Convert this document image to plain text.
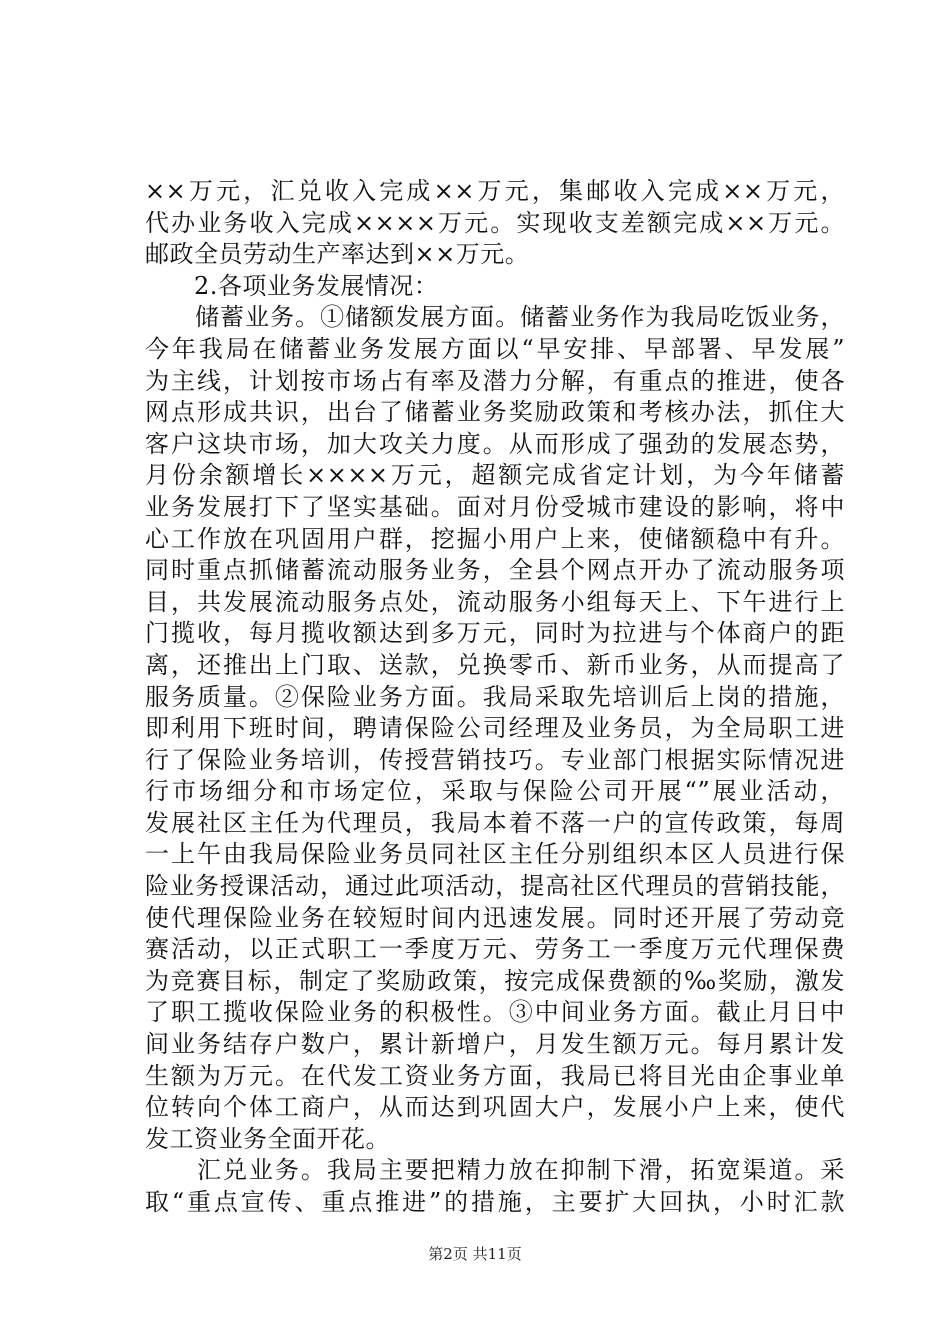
××万元，汇兑收入完成××万元，集邮收入完成××万元，
代办业务收入完成××××万元。实现收支差额完成××万元。
邮政全员劳动生产率达到××万元。
　　2.各项业务发展情况：
　　储蓄业务。①储额发展方面。储蓄业务作为我局吃饭业务，
今年我局在储蓄业务发展方面以“早安排、早部署、早发展”
为主线，计划按市场占有率及潜力分解，有重点的推进，使各
网点形成共识，出台了储蓄业务奖励政策和考核办法，抓住大
客户这块市场，加大攻关力度。从而形成了强劲的发展态势，
月份余额增长××××万元，超额完成省定计划，为今年储蓄
业务发展打下了坚实基础。面对月份受城市建设的影响，将中
心工作放在巩固用户群，挖掘小用户上来，使储额稳中有升。
同时重点抓储蓄流动服务业务，全县个网点开办了流动服务项
目，共发展流动服务点处，流动服务小组每天上、下午进行上
门揽收，每月揽收额达到多万元，同时为拉进与个体商户的距
离，还推出上门取、送款，兑换零币、新币业务，从而提高了
服务质量。②保险业务方面。我局采取先培训后上岗的措施，
即利用下班时间，聘请保险公司经理及业务员，为全局职工进
行了保险业务培训，传授营销技巧。专业部门根据实际情况进
行市场细分和市场定位，采取与保险公司开展“”展业活动，
发展社区主任为代理员，我局本着不落一户的宣传政策，每周
一上午由我局保险业务员同社区主任分别组织本区人员进行保
险业务授课活动，通过此项活动，提高社区代理员的营销技能，
使代理保险业务在较短时间内迅速发展。同时还开展了劳动竞
赛活动，以正式职工一季度万元、劳务工一季度万元代理保费
为竞赛目标，制定了奖励政策，按完成保费额的‰奖励，激发
了职工揽收保险业务的积极性。③中间业务方面。截止月日中
间业务结存户数户，累计新增户，月发生额万元。每月累计发
生额为万元。在代发工资业务方面，我局已将目光由企事业单
位转向个体工商户，从而达到巩固大户，发展小户上来，使代
发工资业务全面开花。
　　汇兑业务。我局主要把精力放在抑制下滑，拓宽渠道。采
取“重点宣传、重点推进”的措施，主要扩大回执，小时汇款
第2页 共11页
